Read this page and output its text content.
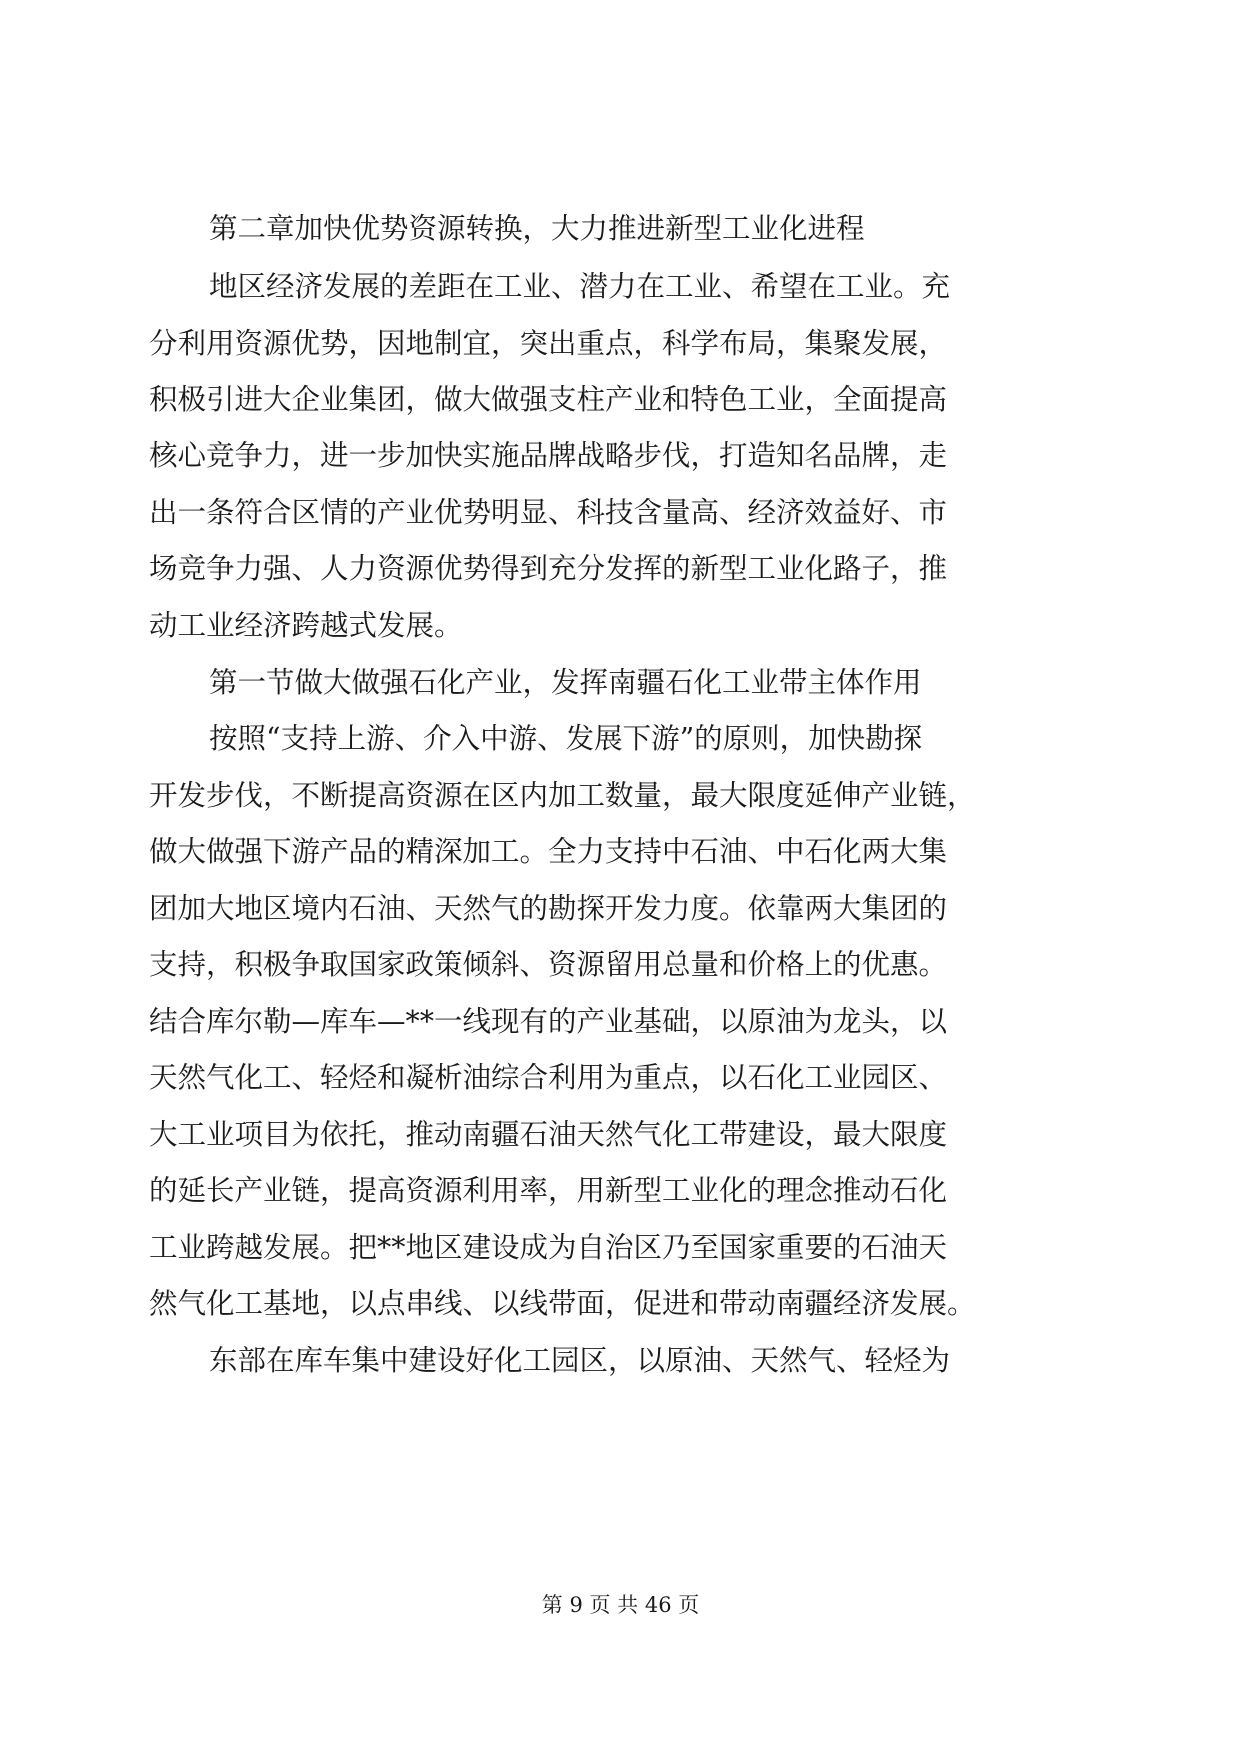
第二章加快优势资源转换，大力推进新型工业化进程
地区经济发展的差距在工业、潜力在工业、希望在工业。充
分利用资源优势，因地制宜，突出重点，科学布局，集聚发展，
积极引进大企业集团，做大做强支柱产业和特色工业，全面提高
核心竞争力，进一步加快实施品牌战略步伐，打造知名品牌，走
出一条符合区情的产业优势明显、科技含量高、经济效益好、市
场竞争力强、人力资源优势得到充分发挥的新型工业化路子，推
动工业经济跨越式发展。
第一节做大做强石化产业，发挥南疆石化工业带主体作用
按照“支持上游、介入中游、发展下游”的原则，加快勘探
开发步伐，不断提高资源在区内加工数量，最大限度延伸产业链，
做大做强下游产品的精深加工。全力支持中石油、中石化两大集
团加大地区境内石油、天然气的勘探开发力度。依靠两大集团的
支持，积极争取国家政策倾斜、资源留用总量和价格上的优惠。
结合库尔勒—库车—**一线现有的产业基础，以原油为龙头，以
天然气化工、轻烃和凝析油综合利用为重点，以石化工业园区、
大工业项目为依托，推动南疆石油天然气化工带建设，最大限度
的延长产业链，提高资源利用率，用新型工业化的理念推动石化
工业跨越发展。把**地区建设成为自治区乃至国家重要的石油天
然气化工基地，以点串线、以线带面，促进和带动南疆经济发展。
东部在库车集中建设好化工园区，以原油、天然气、轻烃为
第 9 页 共 46 页
